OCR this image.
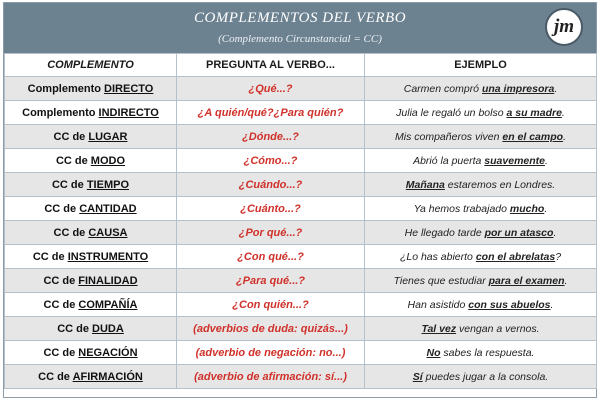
COMPLEMENTOS DEL VERBO
(Complemento Circunstancial = CC)
jm
COMPLEMENTO	PREGUNTA AL VERBO...	EJEMPLO
Complemento DIRECTO	¿Qué...?	Carmen compró una impresora.
Complemento INDIRECTO	¿A quién/qué?¿Para quién?	Julia le regaló un bolso a su madre.
CC de LUGAR	¿Dónde...?	Mis compañeros viven en el campo.
CC de MODO	¿Cómo...?	Abrió la puerta suavemente.
CC de TIEMPO	¿Cuándo...?	Mañana estaremos en Londres.
CC de CANTIDAD	¿Cuánto...?	Ya hemos trabajado mucho.
CC de CAUSA	¿Por qué...?	He llegado tarde por un atasco.
CC de INSTRUMENTO	¿Con qué...?	¿Lo has abierto con el abrelatas?
CC de FINALIDAD	¿Para qué...?	Tienes que estudiar para el examen.
CC de COMPAÑÍA	¿Con quién...?	Han asistido con sus abuelos.
CC de DUDA	(adverbios de duda: quizás...)	Tal vez vengan a vernos.
CC de NEGACIÓN	(adverbio de negación: no...)	No sabes la respuesta.
CC de AFIRMACIÓN	(adverbio de afirmación: sí...)	Sí puedes jugar a la consola.
